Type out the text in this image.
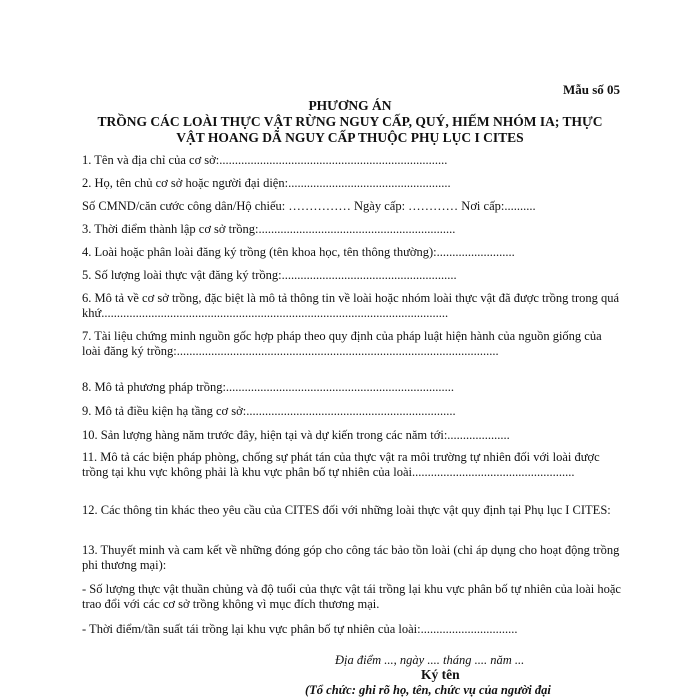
Mẫu số 05
PHƯƠNG ÁN
TRỒNG CÁC LOÀI THỰC VẬT RỪNG NGUY CẤP, QUÝ, HIẾM NHÓM IA; THỰC
VẬT HOANG DÃ NGUY CẤP THUỘC PHỤ LỤC I CITES
1. Tên và địa chỉ của cơ sở:.........................................................................
2. Họ, tên chủ cơ sở hoặc người đại diện:....................................................
Số CMND/căn cước công dân/Hộ chiếu: …………… Ngày cấp: ………… Nơi cấp:..........
3. Thời điểm thành lập cơ sở trồng:...............................................................
4. Loài hoặc phân loài đăng ký trồng (tên khoa học, tên thông thường):.........................
5. Số lượng loài thực vật đăng ký trồng:........................................................
6. Mô tả về cơ sở trồng, đặc biệt là mô tả thông tin về loài hoặc nhóm loài thực vật đã được trồng trong quá khứ...............................................................................................................
7. Tài liệu chứng minh nguồn gốc hợp pháp theo quy định của pháp luật hiện hành của nguồn giống của loài đăng ký trồng:.......................................................................................................
8. Mô tả phương pháp trồng:.........................................................................
9. Mô tả điều kiện hạ tầng cơ sở:...................................................................
10. Sản lượng hàng năm trước đây, hiện tại và dự kiến trong các năm tới:....................
11. Mô tả các biện pháp phòng, chống sự phát tán của thực vật ra môi trường tự nhiên đối với loài được trồng tại khu vực không phải là khu vực phân bố tự nhiên của loài....................................................
12. Các thông tin khác theo yêu cầu của CITES đối với những loài thực vật quy định tại Phụ lục I CITES:
13. Thuyết minh và cam kết về những đóng góp cho công tác bảo tồn loài (chỉ áp dụng cho hoạt động trồng phi thương mại):
- Số lượng thực vật thuần chủng và độ tuổi của thực vật tái trồng lại khu vực phân bố tự nhiên của loài hoặc trao đổi với các cơ sở trồng không vì mục đích thương mại.
- Thời điểm/tần suất tái trồng lại khu vực phân bố tự nhiên của loài:...............................
Địa điểm ..., ngày .... tháng .... năm ...
Ký tên
(Tổ chức: ghi rõ họ, tên, chức vụ của người đại
